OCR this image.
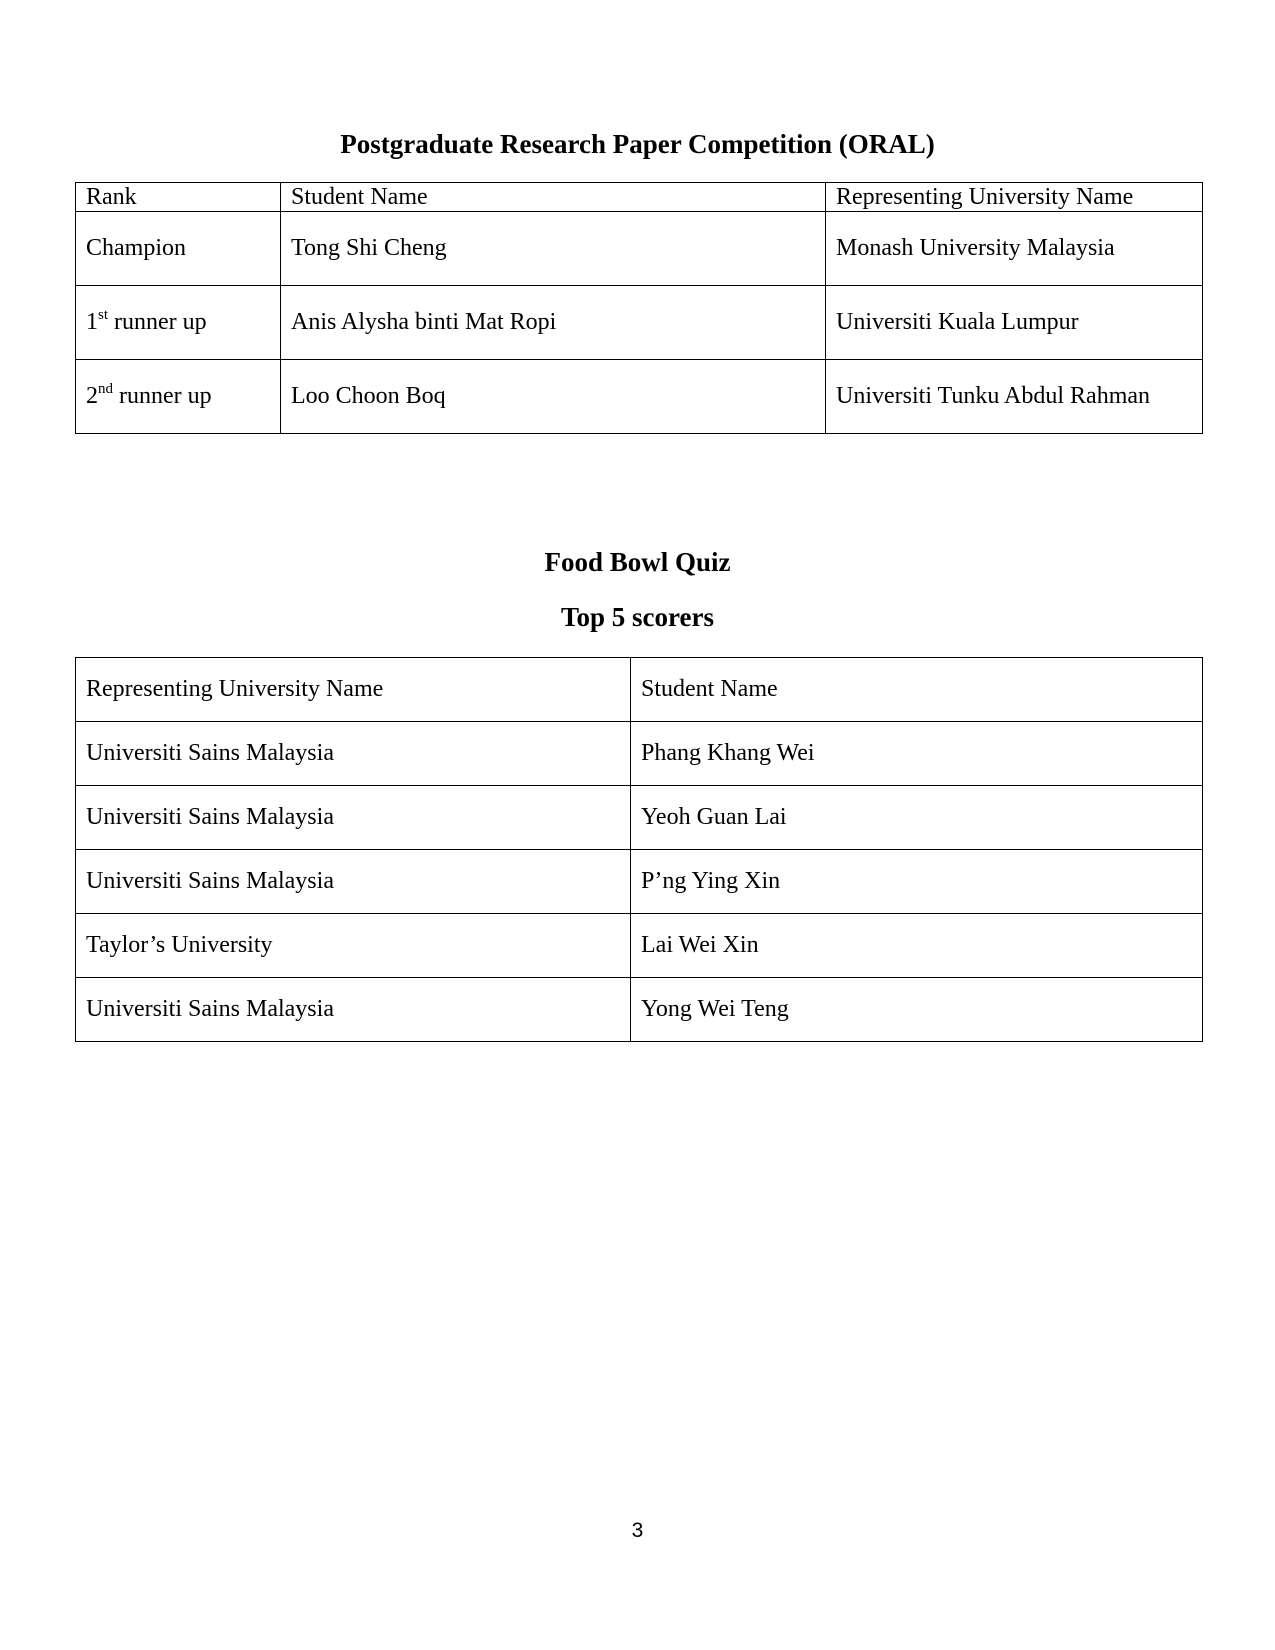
Postgraduate Research Paper Competition (ORAL)
Rank	Student Name	Representing University Name
Champion	Tong Shi Cheng	Monash University Malaysia
1st runner up	Anis Alysha binti Mat Ropi	Universiti Kuala Lumpur
2nd runner up	Loo Choon Boq	Universiti Tunku Abdul Rahman
Food Bowl Quiz
Top 5 scorers
Representing University Name	Student Name
Universiti Sains Malaysia	Phang Khang Wei
Universiti Sains Malaysia	Yeoh Guan Lai
Universiti Sains Malaysia	P’ng Ying Xin
Taylor’s University	Lai Wei Xin
Universiti Sains Malaysia	Yong Wei Teng
3
